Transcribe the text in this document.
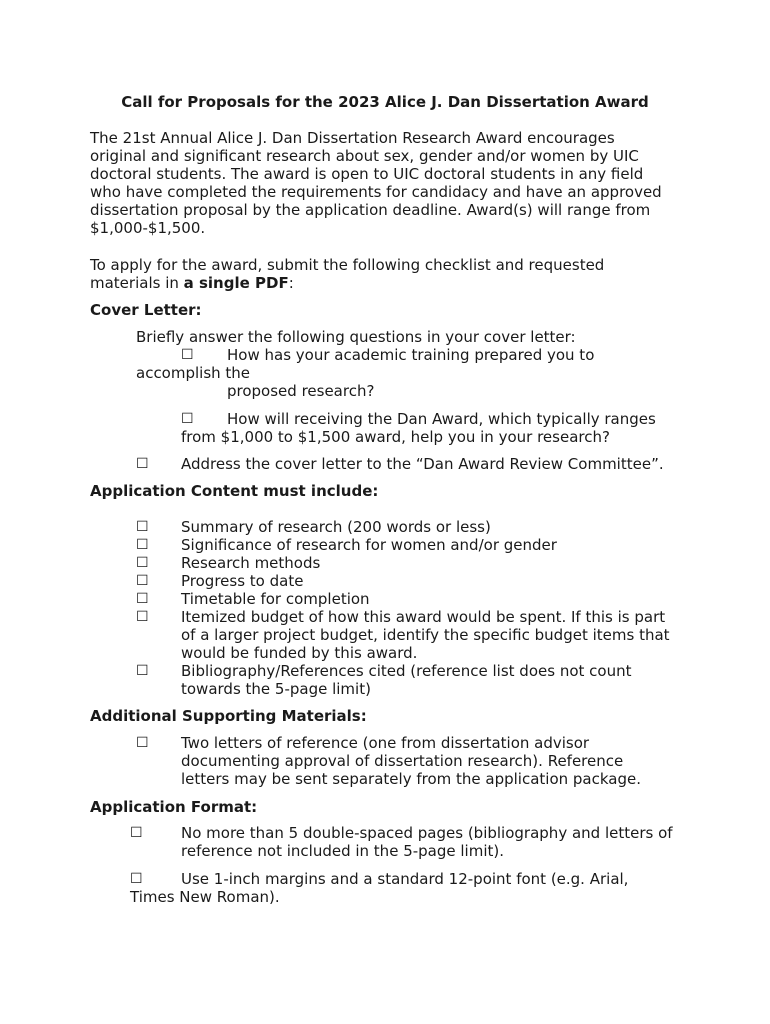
Call for Proposals for the 2023 Alice J. Dan Dissertation Award
The 21st Annual Alice J. Dan Dissertation Research Award encourages
original and significant research about sex, gender and/or women by UIC
doctoral students. The award is open to UIC doctoral students in any field
who have completed the requirements for candidacy and have an approved
dissertation proposal by the application deadline. Award(s) will range from
$1,000-$1,500.
To apply for the award, submit the following checklist and requested
materials in a single PDF:
Cover Letter:
Briefly answer the following questions in your cover letter:
☐ How has your academic training prepared you to
accomplish the
proposed research?
☐	How will receiving the Dan Award, which typically ranges
from $1,000 to $1,500 award, help you in your research?
☐ Address the cover letter to the “Dan Award Review Committee”.
Application Content must include:
☐ Summary of research (200 words or less)
☐ Significance of research for women and/or gender
☐ Research methods
☐ Progress to date
☐ Timetable for completion
☐ Itemized budget of how this award would be spent. If this is part
of a larger project budget, identify the specific budget items that
would be funded by this award.
☐ Bibliography/References cited (reference list does not count
towards the 5-page limit)
Additional Supporting Materials:
☐ Two letters of reference (one from dissertation advisor
documenting approval of dissertation research). Reference
letters may be sent separately from the application package.
Application Format:
☐	No more than 5 double-spaced pages (bibliography and letters of
reference not included in the 5-page limit).
☐	Use 1-inch margins and a standard 12-point font (e.g. Arial,
Times New Roman).
